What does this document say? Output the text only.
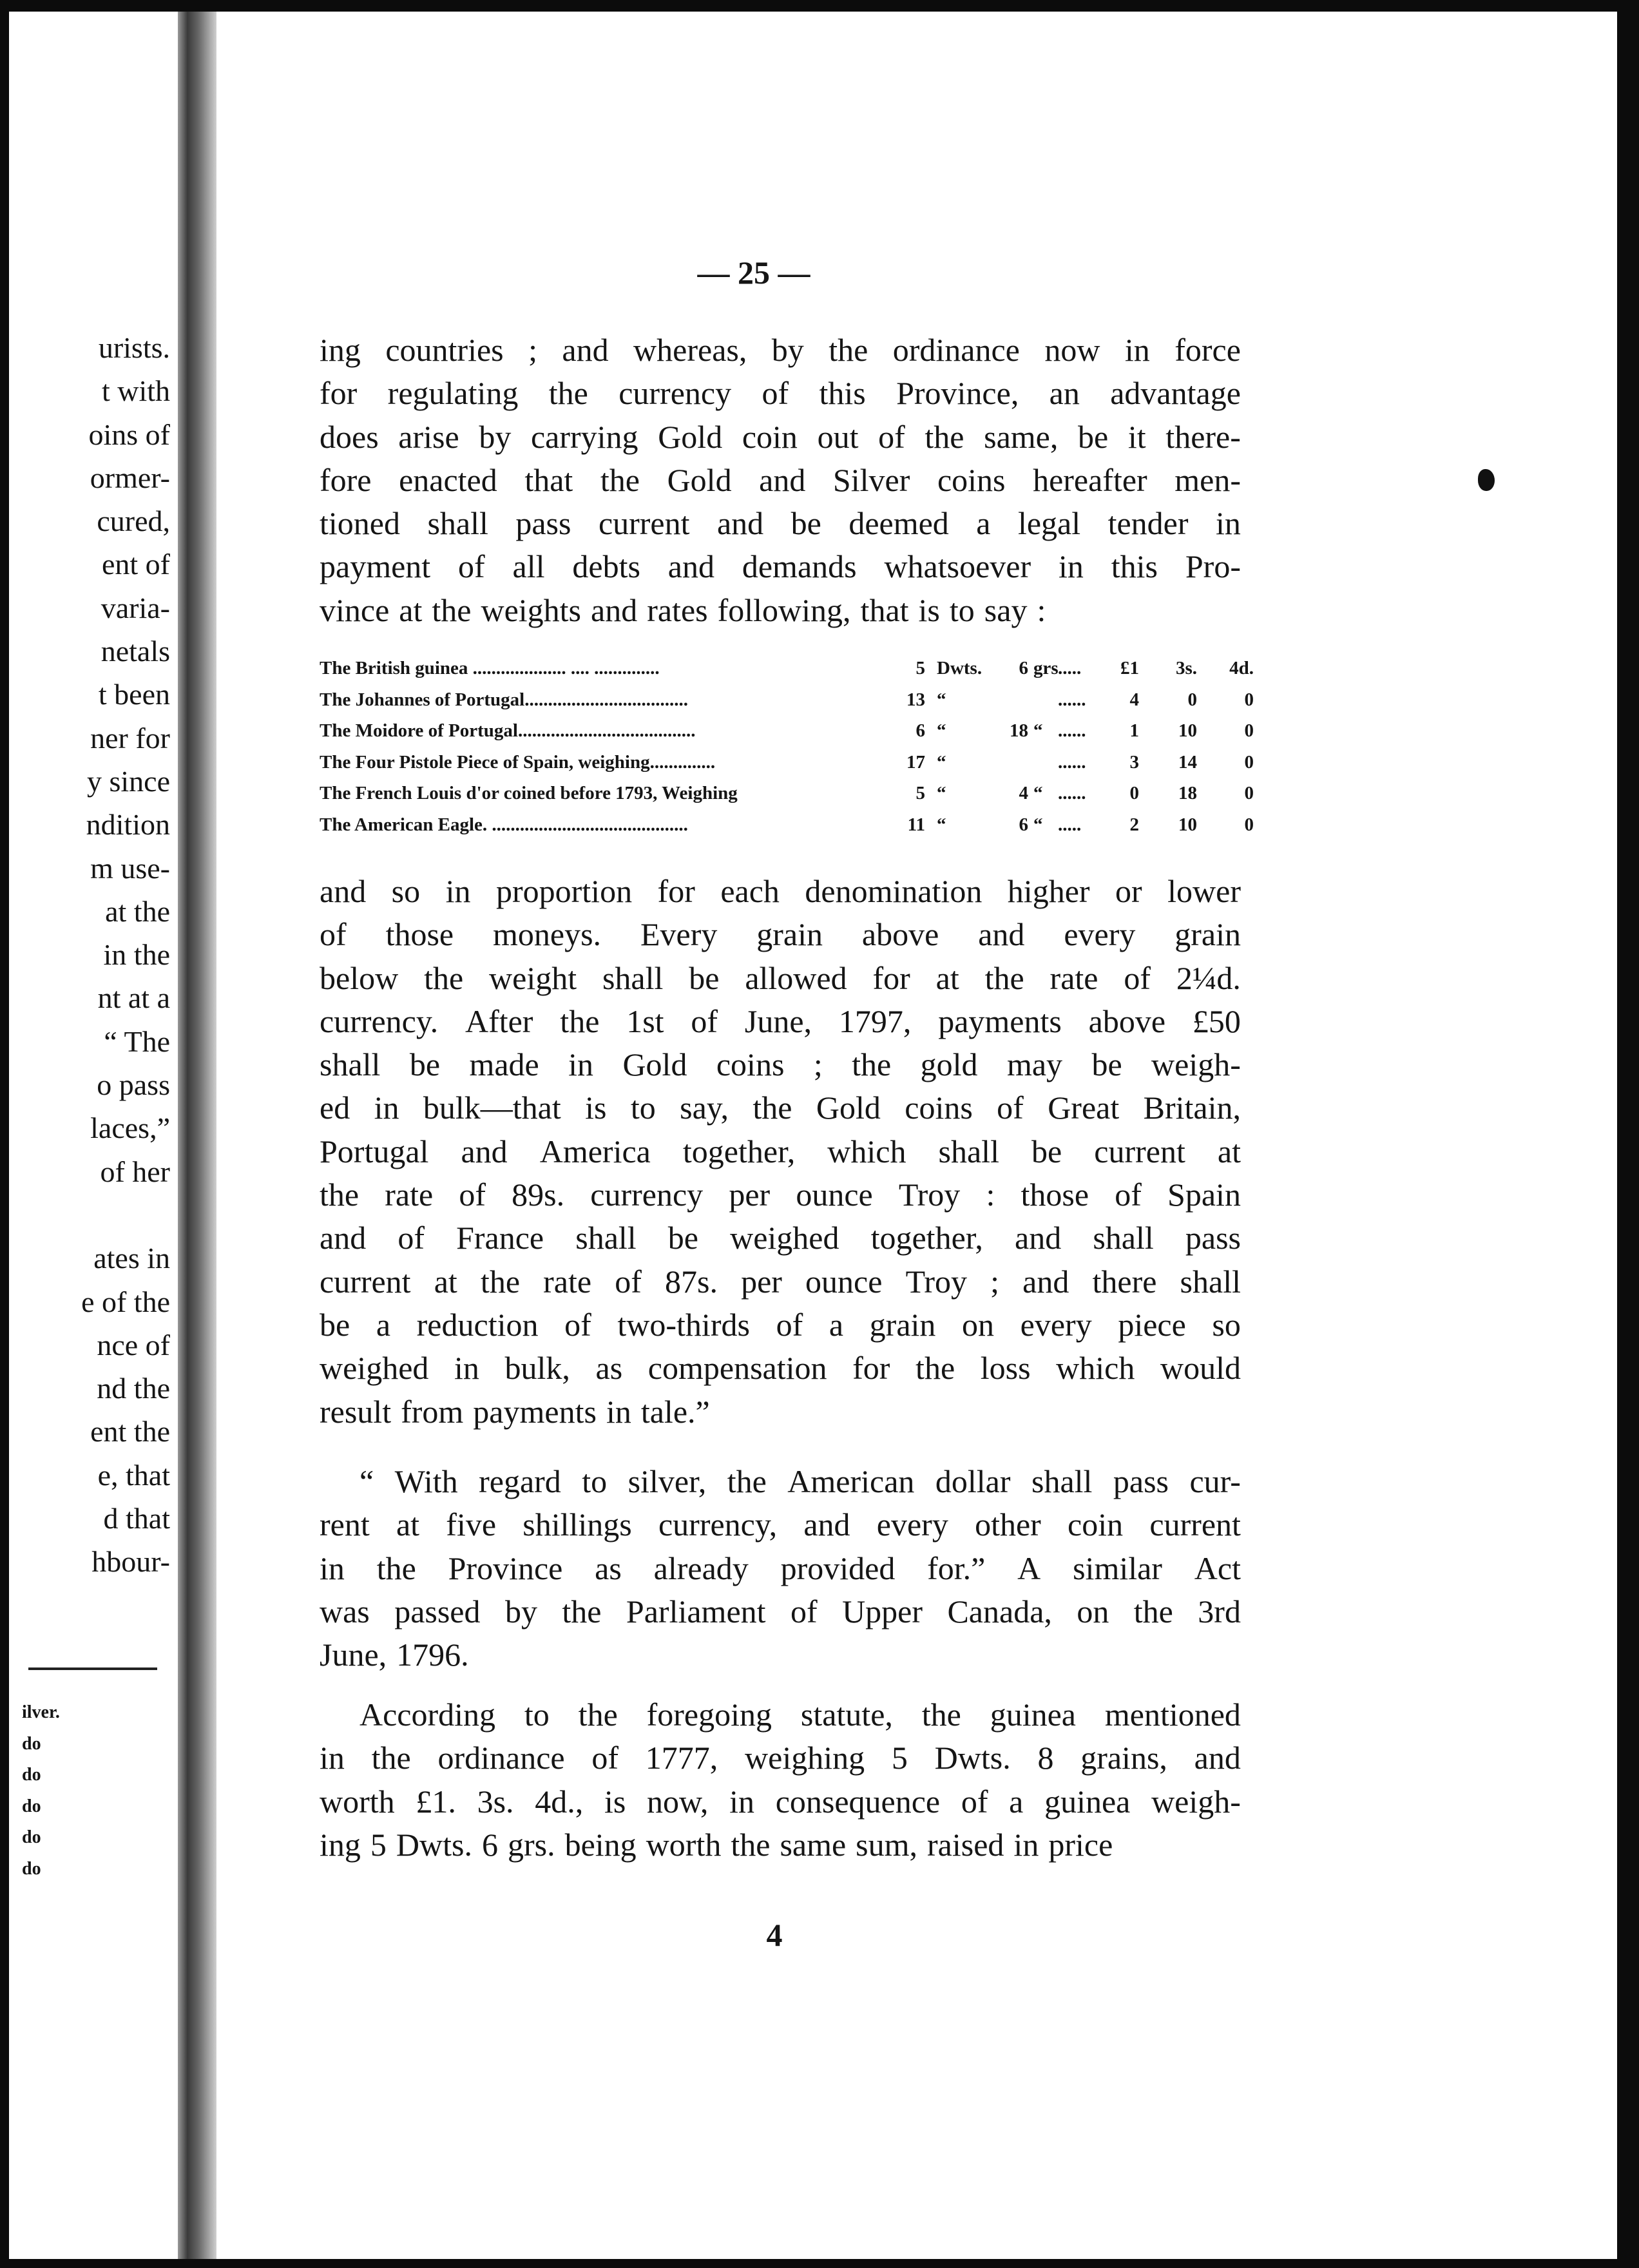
urists.
t with
oins of
ormer-
cured,
ent of
varia-
netals
t been
ner for
y since
ndition
m use-
at the
in the
nt at a
“ The
o pass
laces,”
of her

ates in
e of the
nce of
nd the
ent the
e, that
d that
hbour-
ilver.
do
do
do
do
do
— 25 —
ing countries ; and whereas, by the ordinance now in force
for regulating the currency of this Province, an advantage
does arise by carrying Gold coin out of the same, be it there-
fore enacted that the Gold and Silver coins hereafter men-
tioned shall pass current and be deemed a legal tender in
payment of all debts and demands whatsoever in this Pro-
vince at the weights and rates following, that is to say :
The British guinea .................... .... ..............	5 Dwts.	6 grs .....	£1	3s.	4d.
The Johannes of Portugal...................................	13 “	......	4	0	0
The Moidore of Portugal......................................	6 “	18 “ ......	1	10	0
The Four Pistole Piece of Spain, weighing..............	17 “	......	3	14	0
The French Louis d'or coined before 1793, Weighing	5 “	4 “ ......	0	18	0
The American Eagle. ..........................................	11 “	6 “ .....	2	10	0
and so in proportion for each denomination higher or lower
of those moneys. Every grain above and every grain
below the weight shall be allowed for at the rate of 2¼d.
currency. After the 1st of June, 1797, payments above £50
shall be made in Gold coins ; the gold may be weigh-
ed in bulk—that is to say, the Gold coins of Great Britain,
Portugal and America together, which shall be current at
the rate of 89s. currency per ounce Troy : those of Spain
and of France shall be weighed together, and shall pass
current at the rate of 87s. per ounce Troy ; and there shall
be a reduction of two-thirds of a grain on every piece so
weighed in bulk, as compensation for the loss which would
result from payments in tale.”
“ With regard to silver, the American dollar shall pass cur-
rent at five shillings currency, and every other coin current
in the Province as already provided for.” A similar Act
was passed by the Parliament of Upper Canada, on the 3rd
June, 1796.
According to the foregoing statute, the guinea mentioned
in the ordinance of 1777, weighing 5 Dwts. 8 grains, and
worth £1. 3s. 4d., is now, in consequence of a guinea weigh-
ing 5 Dwts. 6 grs. being worth the same sum, raised in price
4
